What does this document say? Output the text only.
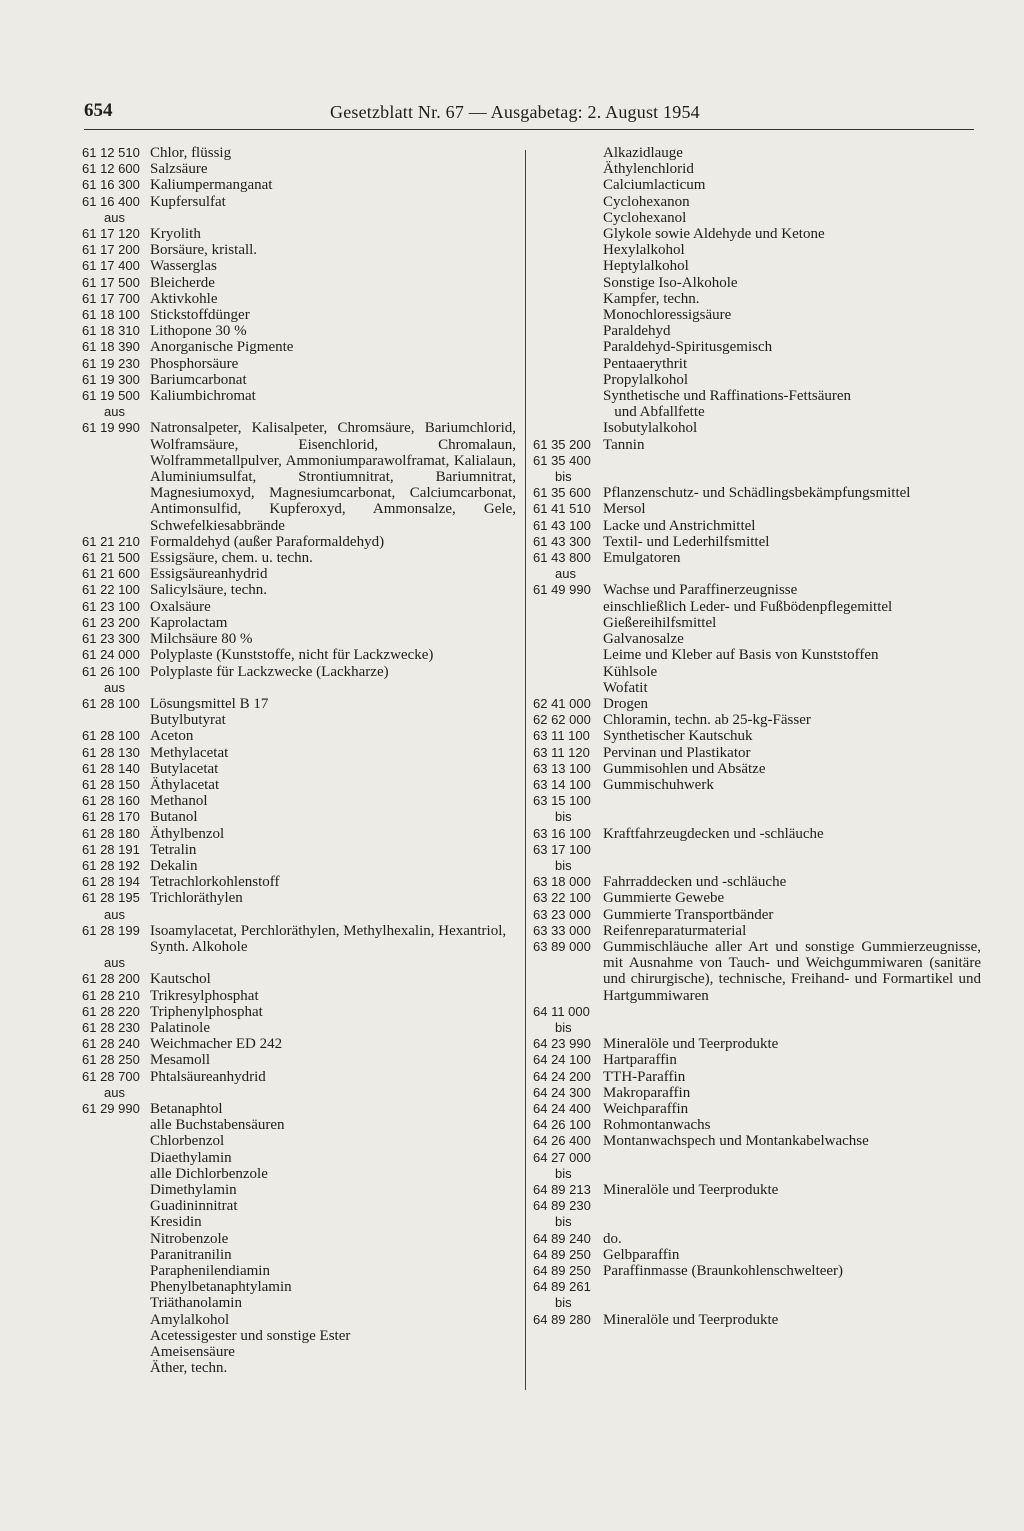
654	Gesetzblatt Nr. 67 — Ausgabetag: 2. August 1954
61 12 510 Chlor, flüssig
61 12 600 Salzsäure
61 16 300 Kaliumpermanganat
61 16 400 Kupfersulfat
aus
61 17 120 Kryolith
61 17 200 Borsäure, kristall.
61 17 400 Wasserglas
61 17 500 Bleicherde
61 17 700 Aktivkohle
61 18 100 Stickstoffdünger
61 18 310 Lithopone 30 %
61 18 390 Anorganische Pigmente
61 19 230 Phosphorsäure
61 19 300 Bariumcarbonat
61 19 500 Kaliumbichromat
aus
61 19 990 Natronsalpeter, Kalisalpeter, Chromsäure, Bariumchlorid, Wolframsäure, Eisenchlorid, Chromalaun, Wolframmetallpulver, Ammoniumparawolframat, Kalialaun, Aluminiumsulfat, Strontiumnitrat, Bariumnitrat, Magnesiumoxyd, Magnesiumcarbonat, Calciumcarbonat, Antimonsulfid, Kupferoxyd, Ammonsalze, Gele, Schwefelkiesabbrände
61 21 210 Formaldehyd (außer Paraformaldehyd)
61 21 500 Essigsäure, chem. u. techn.
61 21 600 Essigsäureanhydrid
61 22 100 Salicylsäure, techn.
61 23 100 Oxalsäure
61 23 200 Kaprolactam
61 23 300 Milchsäure 80 %
61 24 000 Polyplaste (Kunststoffe, nicht für Lackzwecke)
61 26 100 Polyplaste für Lackzwecke (Lackharze)
aus
61 28 100 Lösungsmittel B 17
Butylbutyrat
61 28 100 Aceton
61 28 130 Methylacetat
61 28 140 Butylacetat
61 28 150 Äthylacetat
61 28 160 Methanol
61 28 170 Butanol
61 28 180 Äthylbenzol
61 28 191 Tetralin
61 28 192 Dekalin
61 28 194 Tetrachlorkohlenstoff
61 28 195 Trichloräthylen
aus
61 28 199 Isoamylacetat, Perchloräthylen, Methylhexalin, Hexantriol, Synth. Alkohole
aus
61 28 200 Kautschol
61 28 210 Trikresylphosphat
61 28 220 Triphenylphosphat
61 28 230 Palatinole
61 28 240 Weichmacher ED 242
61 28 250 Mesamoll
61 28 700 Phtalsäureanhydrid
aus
61 29 990 Betanaphtol
alle Buchstabensäuren
Chlorbenzol
Diaethylamin
alle Dichlorbenzole
Dimethylamin
Guadininnitrat
Kresidin
Nitrobenzole
Paranitranilin
Paraphenilendiamin
Phenylbetanaphtylamin
Triäthanolamin
Amylalkohol
Acetessigester und sonstige Ester
Ameisensäure
Äther, techn.
Alkazidlauge
Äthylenchlorid
Calciumlacticum
Cyclohexanon
Cyclohexanol
Glykole sowie Aldehyde und Ketone
Hexylalkohol
Heptylalkohol
Sonstige Iso-Alkohole
Kampfer, techn.
Monochloressigsäure
Paraldehyd
Paraldehyd-Spiritusgemisch
Pentaaerythrit
Propylalkohol
Synthetische und Raffinations-Fettsäuren
und Abfallfette
Isobutylalkohol
61 35 200 Tannin
61 35 400
bis
61 35 600 Pflanzenschutz- und Schädlingsbekämpfungsmittel
61 41 510 Mersol
61 43 100 Lacke und Anstrichmittel
61 43 300 Textil- und Lederhilfsmittel
61 43 800 Emulgatoren
aus
61 49 990 Wachse und Paraffinerzeugnisse
einschließlich Leder- und Fußbödenpflegemittel
Gießereihilfsmittel
Galvanosalze
Leime und Kleber auf Basis von Kunststoffen
Kühlsole
Wofatit
62 41 000 Drogen
62 62 000 Chloramin, techn. ab 25-kg-Fässer
63 11 100 Synthetischer Kautschuk
63 11 120 Pervinan und Plastikator
63 13 100 Gummisohlen und Absätze
63 14 100 Gummischuhwerk
63 15 100
bis
63 16 100 Kraftfahrzeugdecken und -schläuche
63 17 100
bis
63 18 000 Fahrraddecken und -schläuche
63 22 100 Gummierte Gewebe
63 23 000 Gummierte Transportbänder
63 33 000 Reifenreparaturmaterial
63 89 000 Gummischläuche aller Art und sonstige Gummierzeugnisse, mit Ausnahme von Tauch- und Weichgummiwaren (sanitäre und chirurgische), technische, Freihand- und Formartikel und Hartgummiwaren
64 11 000
bis
64 23 990 Mineralöle und Teerprodukte
64 24 100 Hartparaffin
64 24 200 TTH-Paraffin
64 24 300 Makroparaffin
64 24 400 Weichparaffin
64 26 100 Rohmontanwachs
64 26 400 Montanwachspech und Montankabelwachse
64 27 000
bis
64 89 213 Mineralöle und Teerprodukte
64 89 230
bis
64 89 240 do.
64 89 250 Gelbparaffin
64 89 250 Paraffinmasse (Braunkohlenschwelteer)
64 89 261
bis
64 89 280 Mineralöle und Teerprodukte
